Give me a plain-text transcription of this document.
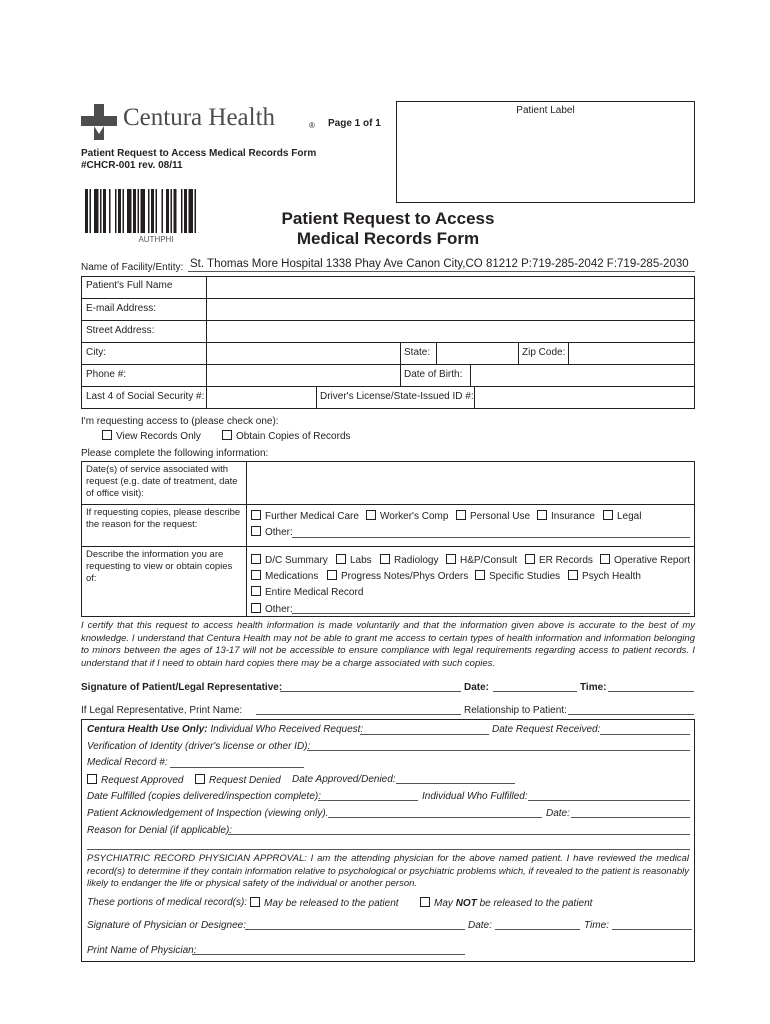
Centura Health	® Page 1 of 1
Patient Request to Access Medical Records Form
#CHCR-001 rev. 08/11
Patient Label
AUTHPHI
Patient Request to Access
Medical Records Form
Name of Facility/Entity: St. Thomas More Hospital 1338 Phay Ave Canon City,CO 81212 P:719-285-2042 F:719-285-2030
Patient's Full Name
E-mail Address:
Street Address:
City:	State:	Zip Code:
Phone #:	Date of Birth:
Last 4 of Social Security #:	Driver's License/State-Issued ID #:
I'm requesting access to (please check one):
View Records Only	Obtain Copies of Records
Please complete the following information:
Date(s) of service associated with request (e.g. date of treatment, date of office visit):
If requesting copies, please describe the reason for the request:
Further Medical Care	Worker's Comp	Personal Use	Insurance	Legal
Other:
Describe the information you are requesting to view or obtain copies of:
D/C Summary	Labs	Radiology	H&P/Consult	ER Records	Operative Report
Medications	Progress Notes/Phys Orders	Specific Studies	Psych Health
Entire Medical Record
Other:
I certify that this request to access health information is made voluntarily and that the information given above is accurate to the best of my knowledge. I understand that Centura Health may not be able to grant me access to certain types of health information and information belonging to minors between the ages of 13-17 will not be accessible to ensure compliance with legal requirements regarding access to patient records. I understand that if I need to obtain hard copies there may be a charge associated with such copies.
Signature of Patient/Legal Representative:	Date:	Time:
If Legal Representative, Print Name:	Relationship to Patient:
Centura Health Use Only: Individual Who Received Request:	Date Request Received:
Verification of Identity (driver's license or other ID):
Medical Record #:
Request Approved	Request Denied Date Approved/Denied:
Date Fulfilled (copies delivered/inspection complete):	Individual Who Fulfilled:
Patient Acknowledgement of Inspection (viewing only).	Date:
Reason for Denial (if applicable):
PSYCHIATRIC RECORD PHYSICIAN APPROVAL: I am the attending physician for the above named patient. I have reviewed the medical record(s) to determine if they contain information relative to psychological or psychiatric problems which, if revealed to the patient is reasonably likely to endanger the life or physical safety of the individual or another person.
These portions of medical record(s):	May be released to the patient	May NOT be released to the patient
Signature of Physician or Designee:	Date:	Time:
Print Name of Physician:
